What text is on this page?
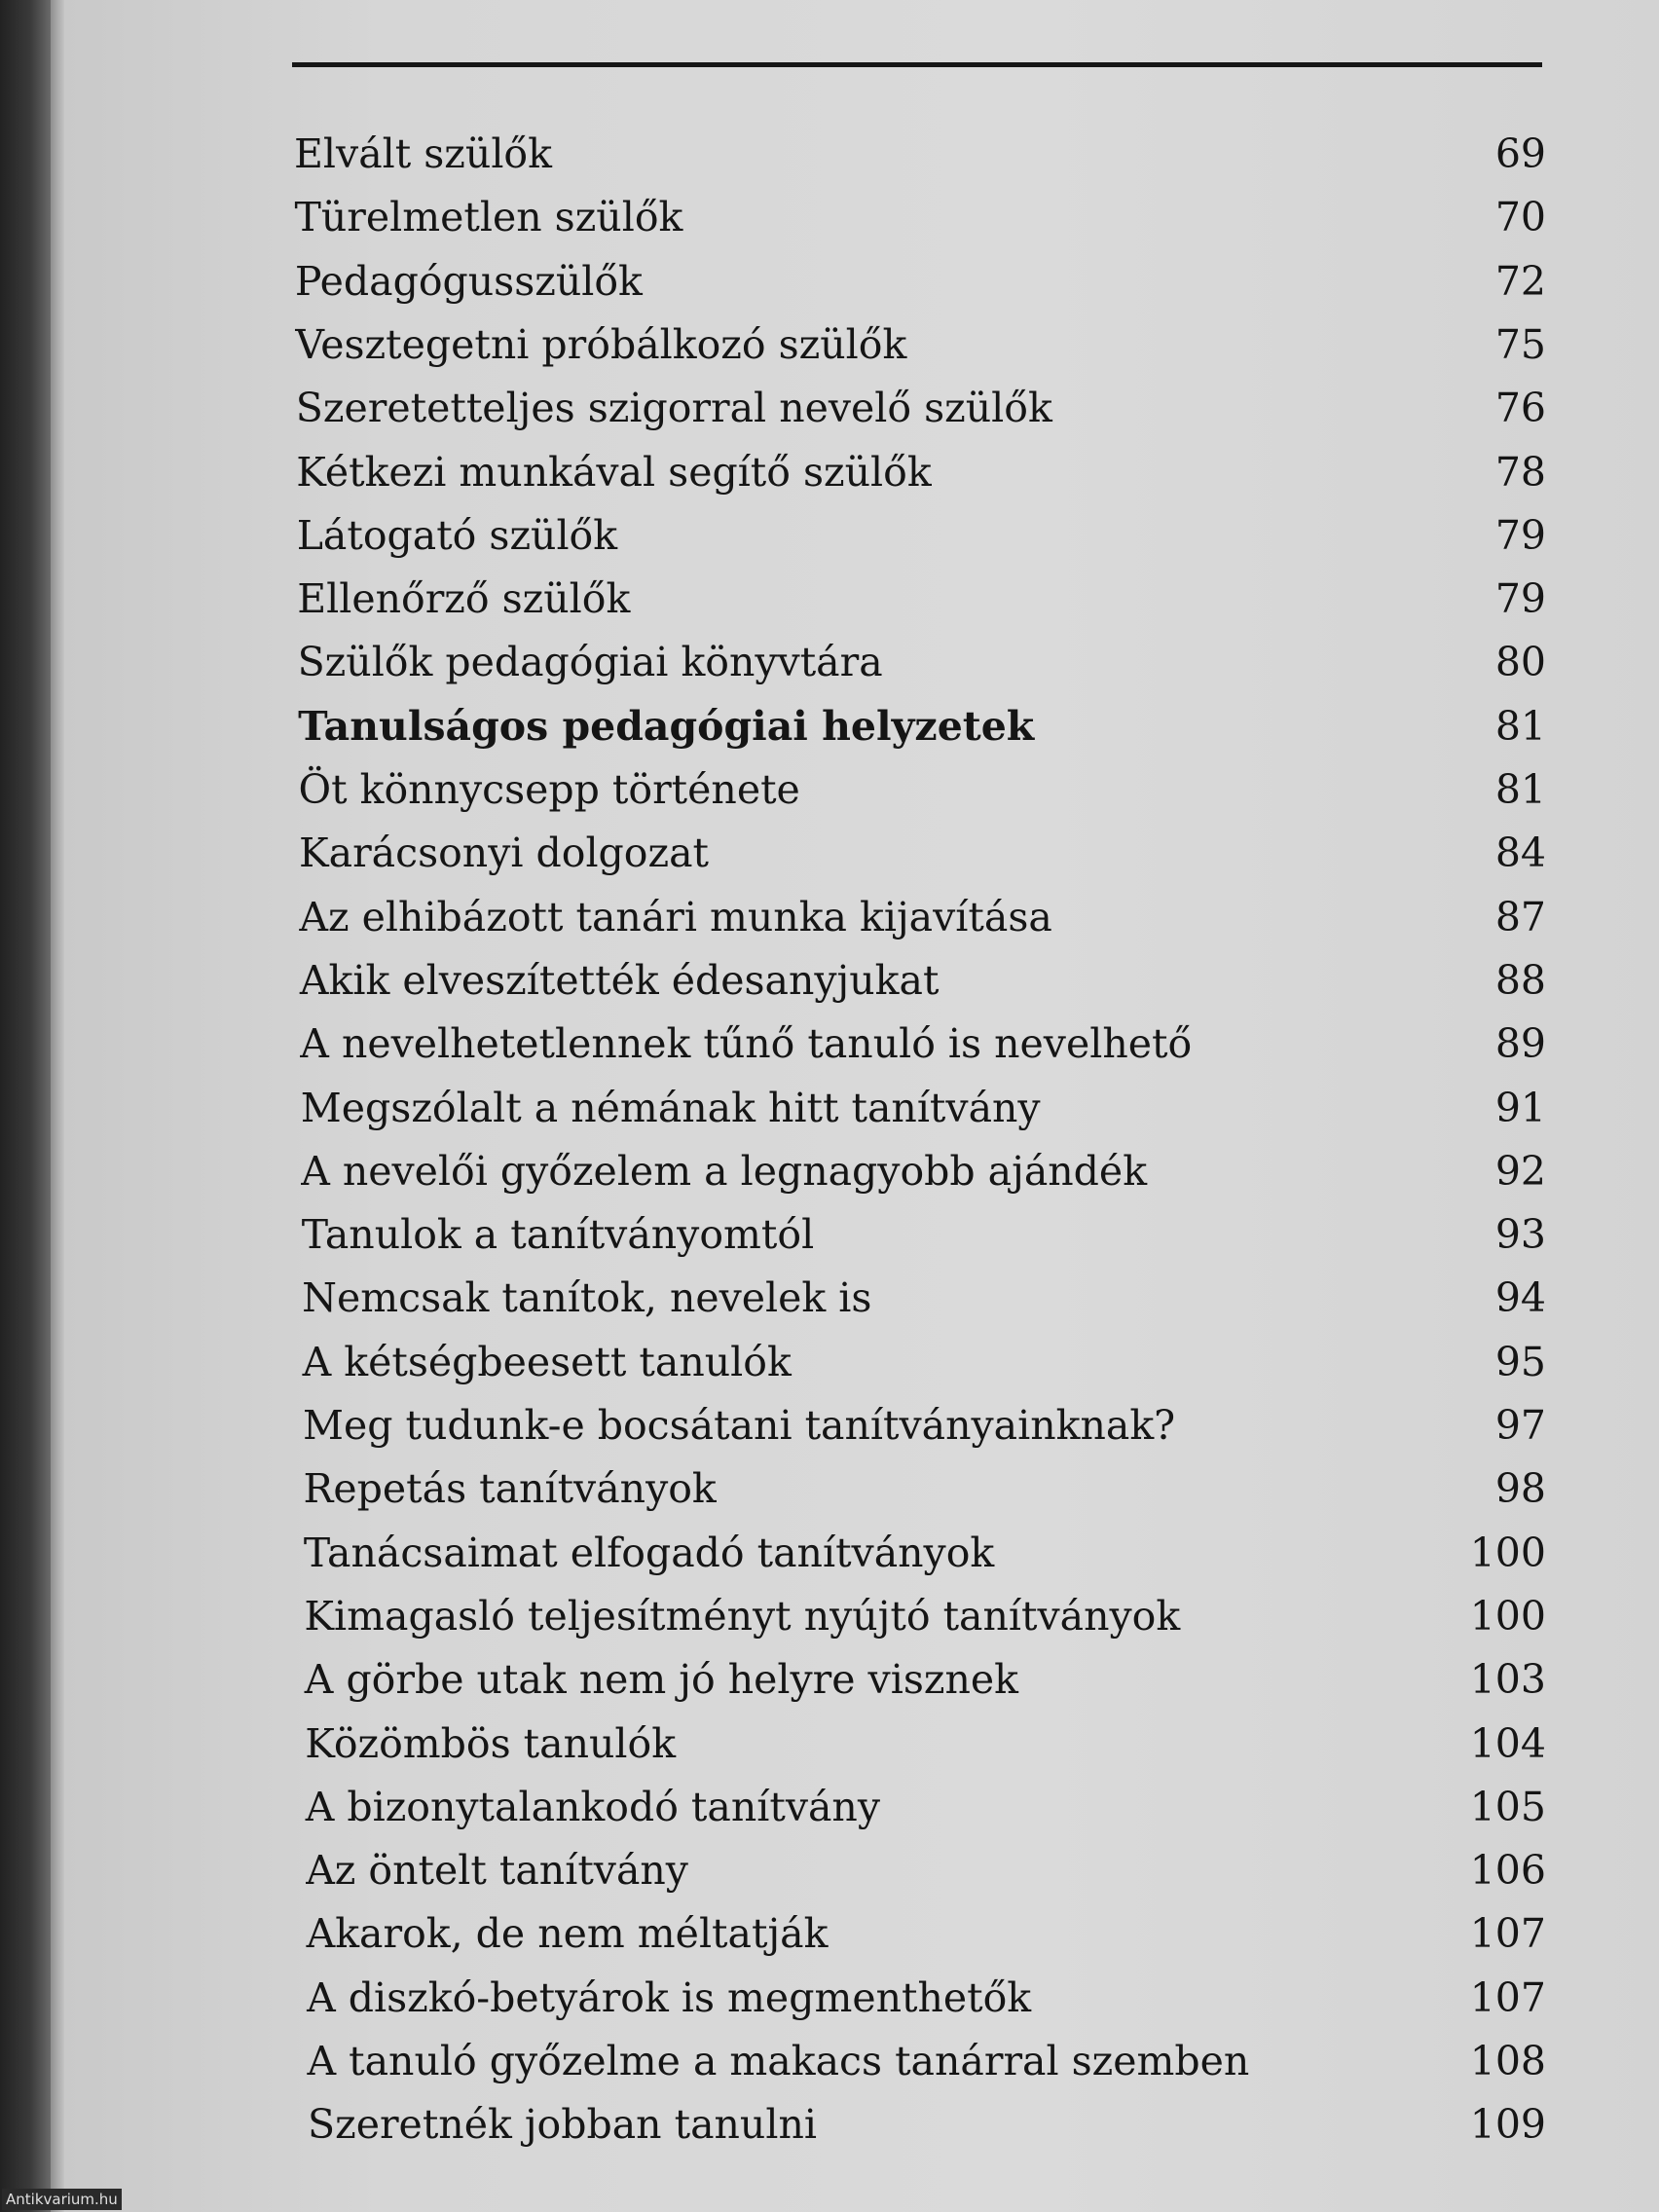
Elvált szülők	69
Türelmetlen szülők	70
Pedagógusszülők	72
Vesztegetni próbálkozó szülők	75
Szeretetteljes szigorral nevelő szülők	76
Kétkezi munkával segítő szülők	78
Látogató szülők	79
Ellenőrző szülők	79
Szülők pedagógiai könyvtára	80
Tanulságos pedagógiai helyzetek	81
Öt könnycsepp története	81
Karácsonyi dolgozat	84
Az elhibázott tanári munka kijavítása	87
Akik elveszítették édesanyjukat	88
A nevelhetetlennek tűnő tanuló is nevelhető	89
Megszólalt a némának hitt tanítvány	91
A nevelői győzelem a legnagyobb ajándék	92
Tanulok a tanítványomtól	93
Nemcsak tanítok, nevelek is	94
A kétségbeesett tanulók	95
Meg tudunk-e bocsátani tanítványainknak?	97
Repetás tanítványok	98
Tanácsaimat elfogadó tanítványok	100
Kimagasló teljesítményt nyújtó tanítványok	100
A görbe utak nem jó helyre visznek	103
Közömbös tanulók	104
A bizonytalankodó tanítvány	105
Az öntelt tanítvány	106
Akarok, de nem méltatják	107
A diszkó-betyárok is megmenthetők	107
A tanuló győzelme a makacs tanárral szemben	108
Szeretnék jobban tanulni	109
Antikvarium.hu
